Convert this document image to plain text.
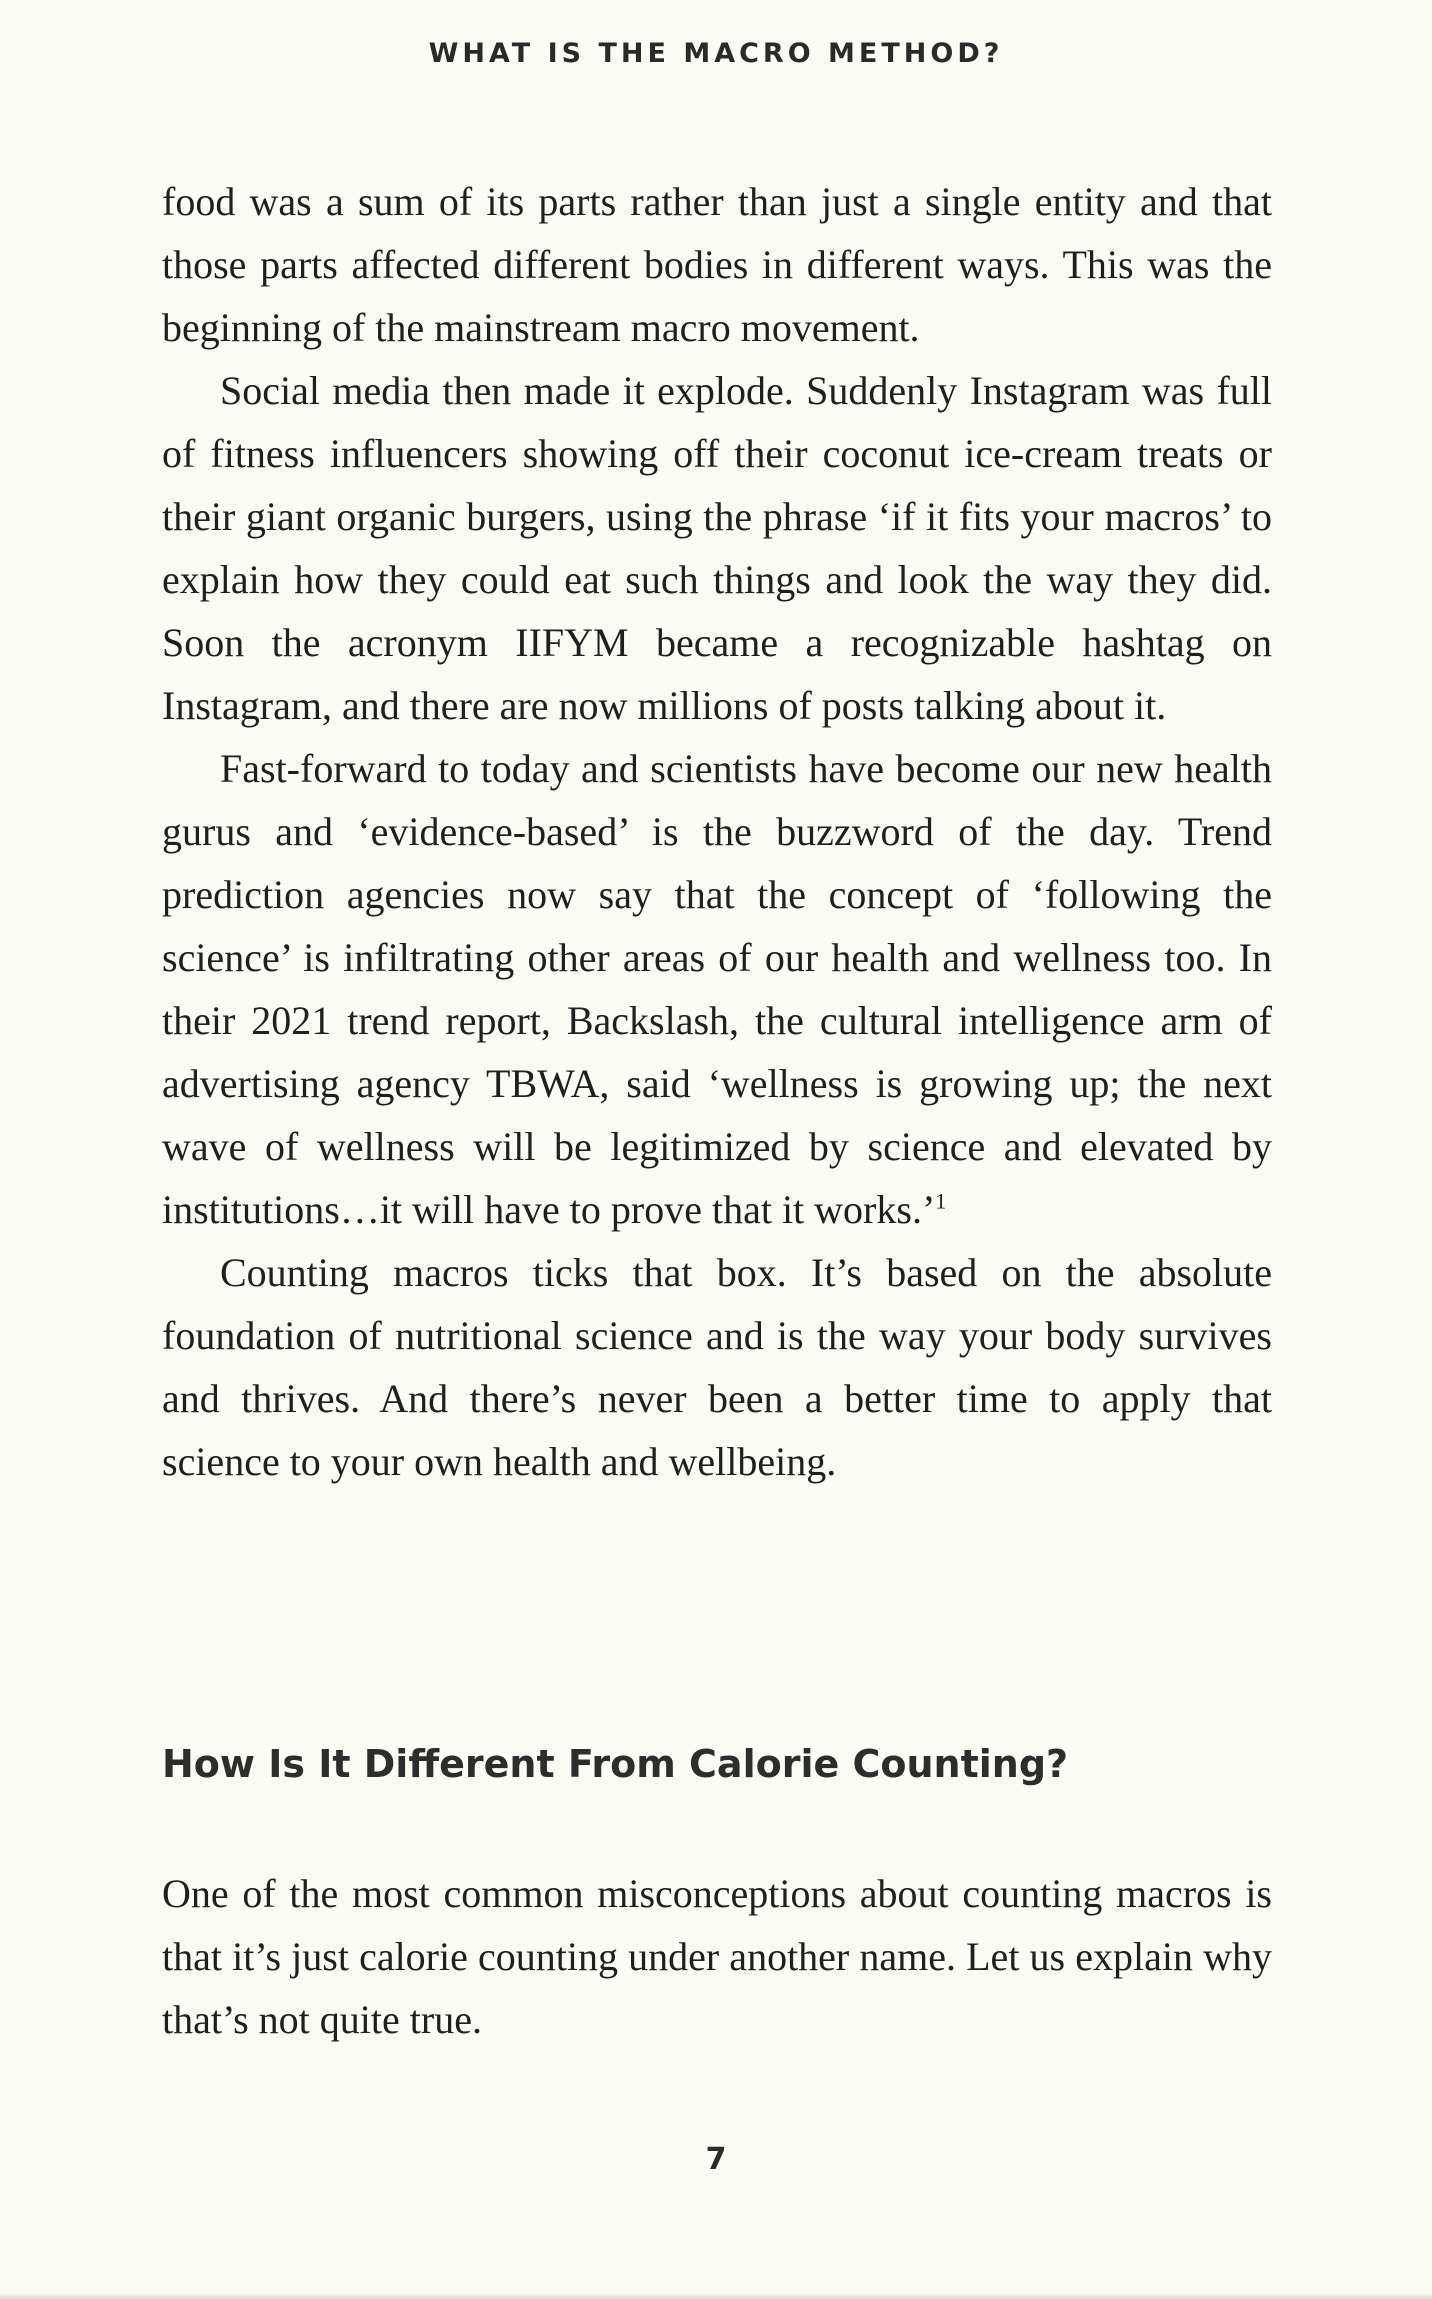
WHAT IS THE MACRO METHOD?

food was a sum of its parts rather than just a single entity and that those parts affected different bodies in different ways. This was the beginning of the mainstream macro movement.

Social media then made it explode. Suddenly Instagram was full of fitness influencers showing off their coconut ice-cream treats or their giant organic burgers, using the phrase ‘if it fits your macros’ to explain how they could eat such things and look the way they did. Soon the acronym IIFYM became a recognizable hashtag on Instagram, and there are now millions of posts talking about it.

Fast-forward to today and scientists have become our new health gurus and ‘evidence-based’ is the buzzword of the day. Trend prediction agencies now say that the concept of ‘following the science’ is infiltrating other areas of our health and wellness too. In their 2021 trend report, Backslash, the cultural intelligence arm of advertising agency TBWA, said ‘wellness is growing up; the next wave of wellness will be legitimized by science and elevated by institutions…it will have to prove that it works.’$^1$

Counting macros ticks that box. It’s based on the absolute foundation of nutritional science and is the way your body survives and thrives. And there’s never been a better time to apply that science to your own health and wellbeing.

How Is It Different From Calorie Counting?

One of the most common misconceptions about counting macros is that it’s just calorie counting under another name. Let us explain why that’s not quite true.

7
